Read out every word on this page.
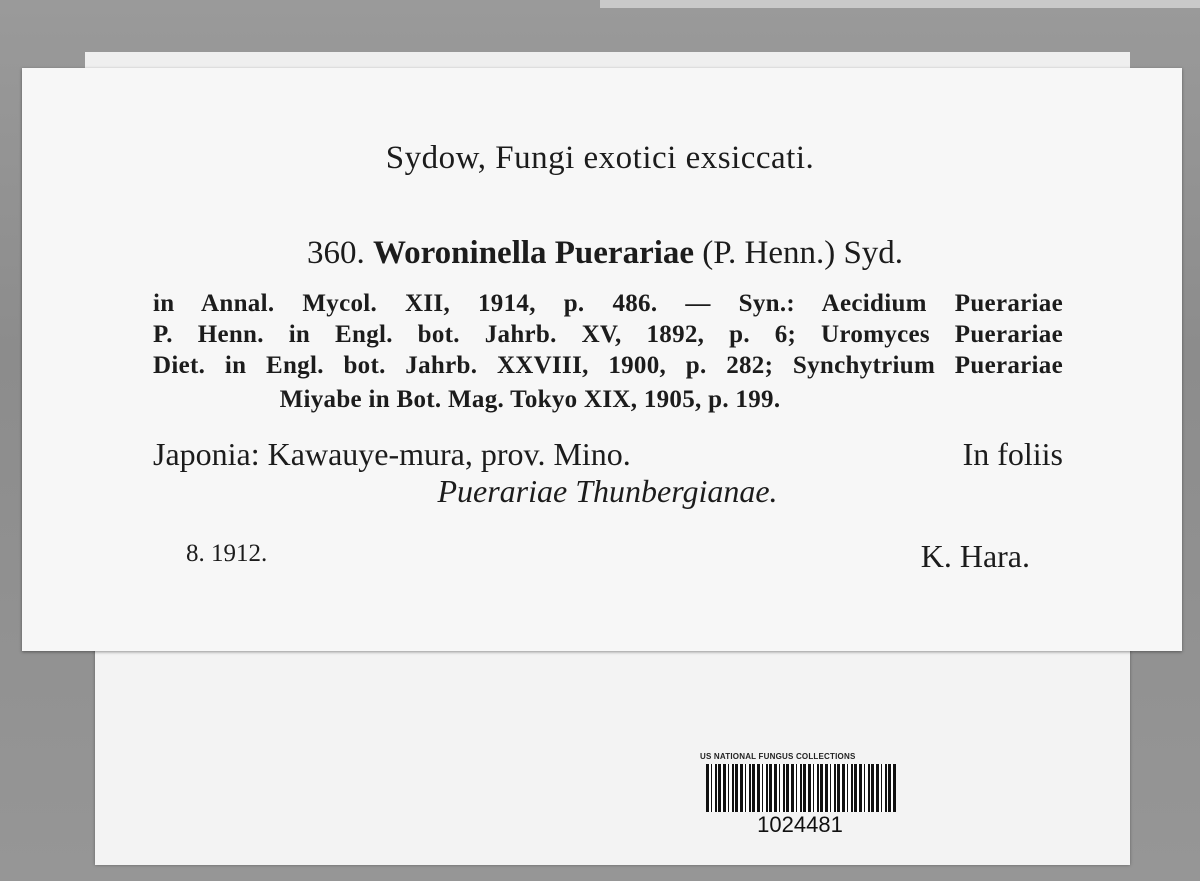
Sydow, Fungi exotici exsiccati.
360. Woroninella Puerariae (P. Henn.) Syd.
in Annal. Mycol. XII, 1914, p. 486. — Syn.: Aecidium Puerariae
P. Henn. in Engl. bot. Jahrb. XV, 1892, p. 6; Uromyces Puerariae
Diet. in Engl. bot. Jahrb. XXVIII, 1900, p. 282; Synchytrium Puerariae
Miyabe in Bot. Mag. Tokyo XIX, 1905, p. 199.
Japonia: Kawauye-mura, prov. Mino.	In foliis
Puerariae Thunbergianae.
8. 1912.	K. Hara.
US NATIONAL FUNGUS COLLECTIONS
1024481
